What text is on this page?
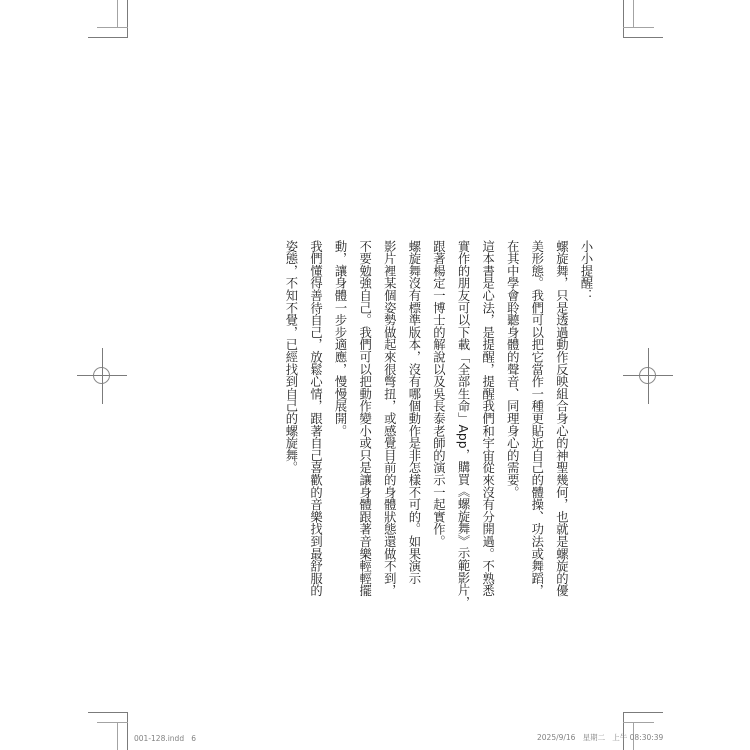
小小提醒：
螺旋舞，只是透過動作反映組合身心的神聖幾何，也就是螺旋的優
美形態。我們可以把它當作一種更貼近自己的體操、功法或舞蹈，
在其中學會聆聽身體的聲音、同理身心的需要。
這本書是心法，是提醒，提醒我們和宇宙從來沒有分開過。不熟悉
實作的朋友可以下載「全部生命」App，購買《螺旋舞》示範影片，
跟著楊定一博士的解說以及吳長泰老師的演示一起實作。
螺旋舞沒有標準版本，沒有哪個動作是非怎樣不可的。如果演示
影片裡某個姿勢做起來很彆扭，或感覺目前的身體狀態還做不到，
不要勉強自己。我們可以把動作變小或只是讓身體跟著音樂輕輕擺
動，讓身體一步步適應，慢慢展開。
我們懂得善待自己，放鬆心情，跟著自己喜歡的音樂找到最舒服的
姿態，不知不覺，已經找到自己的螺旋舞。
001-128.indd   6	2025/9/16   星期二   上午 08:30:39
